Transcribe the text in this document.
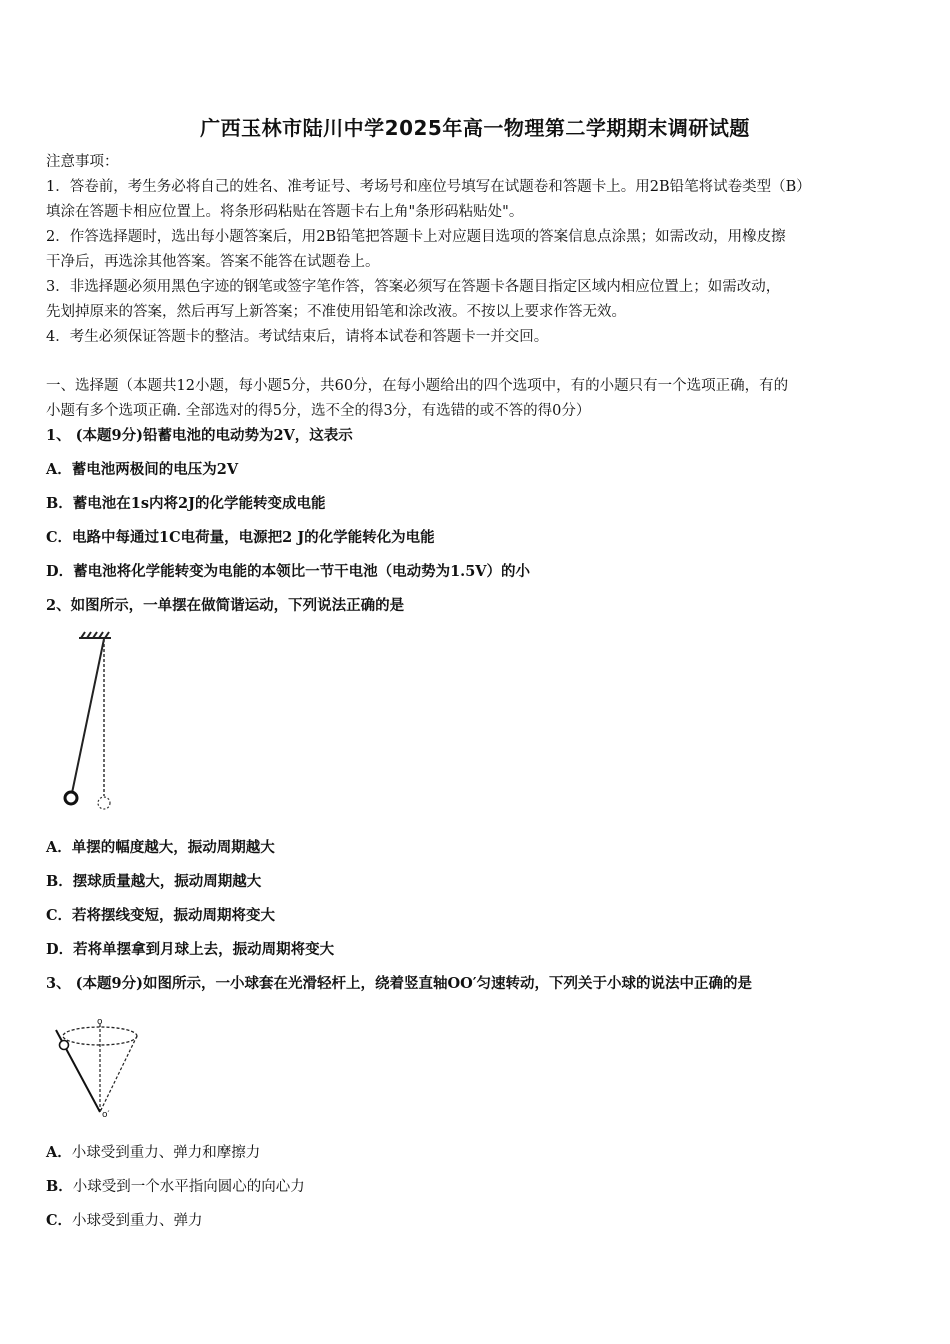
广西玉林市陆川中学2025年高一物理第二学期期末调研试题
注意事项：
1．答卷前，考生务必将自己的姓名、准考证号、考场号和座位号填写在试题卷和答题卡上。用2B铅笔将试卷类型（B）
填涂在答题卡相应位置上。将条形码粘贴在答题卡右上角"条形码粘贴处"。
2．作答选择题时，选出每小题答案后，用2B铅笔把答题卡上对应题目选项的答案信息点涂黑；如需改动，用橡皮擦
干净后，再选涂其他答案。答案不能答在试题卷上。
3．非选择题必须用黑色字迹的钢笔或签字笔作答，答案必须写在答题卡各题目指定区域内相应位置上；如需改动，
先划掉原来的答案，然后再写上新答案；不准使用铅笔和涂改液。不按以上要求作答无效。
4．考生必须保证答题卡的整洁。考试结束后，请将本试卷和答题卡一并交回。
一、选择题（本题共12小题，每小题5分，共60分，在每小题给出的四个选项中，有的小题只有一个选项正确，有的
小题有多个选项正确. 全部选对的得5分，选不全的得3分，有选错的或不答的得0分）
1、 (本题9分)铅蓄电池的电动势为2V，这表示
A．蓄电池两极间的电压为2V
B．蓄电池在1s内将2J的化学能转变成电能
C．电路中每通过1C电荷量，电源把2 J的化学能转化为电能
D．蓄电池将化学能转变为电能的本领比一节干电池（电动势为1.5V）的小
2、如图所示，一单摆在做简谐运动，下列说法正确的是
A．单摆的幅度越大，振动周期越大
B．摆球质量越大，振动周期越大
C．若将摆线变短，振动周期将变大
D．若将单摆拿到月球上去，振动周期将变大
3、 (本题9分)如图所示，一小球套在光滑轻杆上，绕着竖直轴OO′匀速转动，下列关于小球的说法中正确的是
o
o′
A．小球受到重力、弹力和摩擦力
B．小球受到一个水平指向圆心的向心力
C．小球受到重力、弹力
